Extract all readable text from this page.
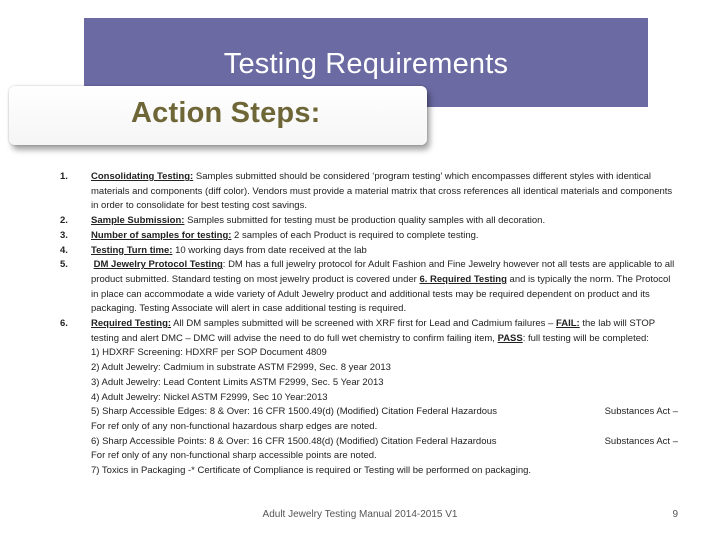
Testing Requirements
Action Steps:
1.	Consolidating Testing: Samples submitted should be considered ‘program testing’ which encompasses different styles with identical materials and components (diff color). Vendors must provide a material matrix that cross references all identical materials and components in order to consolidate for best testing cost savings.
2.	Sample Submission: Samples submitted for testing must be production quality samples with all decoration.
3.	Number of samples for testing: 2 samples of each Product is required to complete testing.
4.	Testing Turn time: 10 working days from date received at the lab
5.	DM Jewelry Protocol Testing: DM has a full jewelry protocol for Adult Fashion and Fine Jewelry however not all tests are applicable to all product submitted. Standard testing on most jewelry product is covered under 6. Required Testing and is typically the norm. The Protocol in place can accommodate a wide variety of Adult Jewelry product and additional tests may be required dependent on product and its packaging. Testing Associate will alert in case additional testing is required.
6.	Required Testing: All DM samples submitted will be screened with XRF first for Lead and Cadmium failures – FAIL: the lab will STOP testing and alert DMC – DMC will advise the need to do full wet chemistry to confirm failing item, PASS: full testing will be completed:
1) HDXRF Screening: HDXRF per SOP Document 4809
2) Adult Jewelry: Cadmium in substrate ASTM F2999, Sec. 8 year 2013
3) Adult Jewelry: Lead Content Limits ASTM F2999, Sec. 5 Year 2013
4) Adult Jewelry: Nickel ASTM F2999, Sec 10 Year:2013
5) Sharp Accessible Edges: 8 & Over: 16 CFR 1500.49(d) (Modified) Citation Federal Hazardous	Substances Act –
For ref only of any non-functional hazardous sharp edges are noted.
6) Sharp Accessible Points: 8 & Over: 16 CFR 1500.48(d) (Modified) Citation Federal Hazardous	Substances Act –
For ref only of any non-functional sharp accessible points are noted.
7) Toxics in Packaging -* Certificate of Compliance is required or Testing will be performed on packaging.
Adult Jewelry Testing Manual 2014-2015 V1	9
